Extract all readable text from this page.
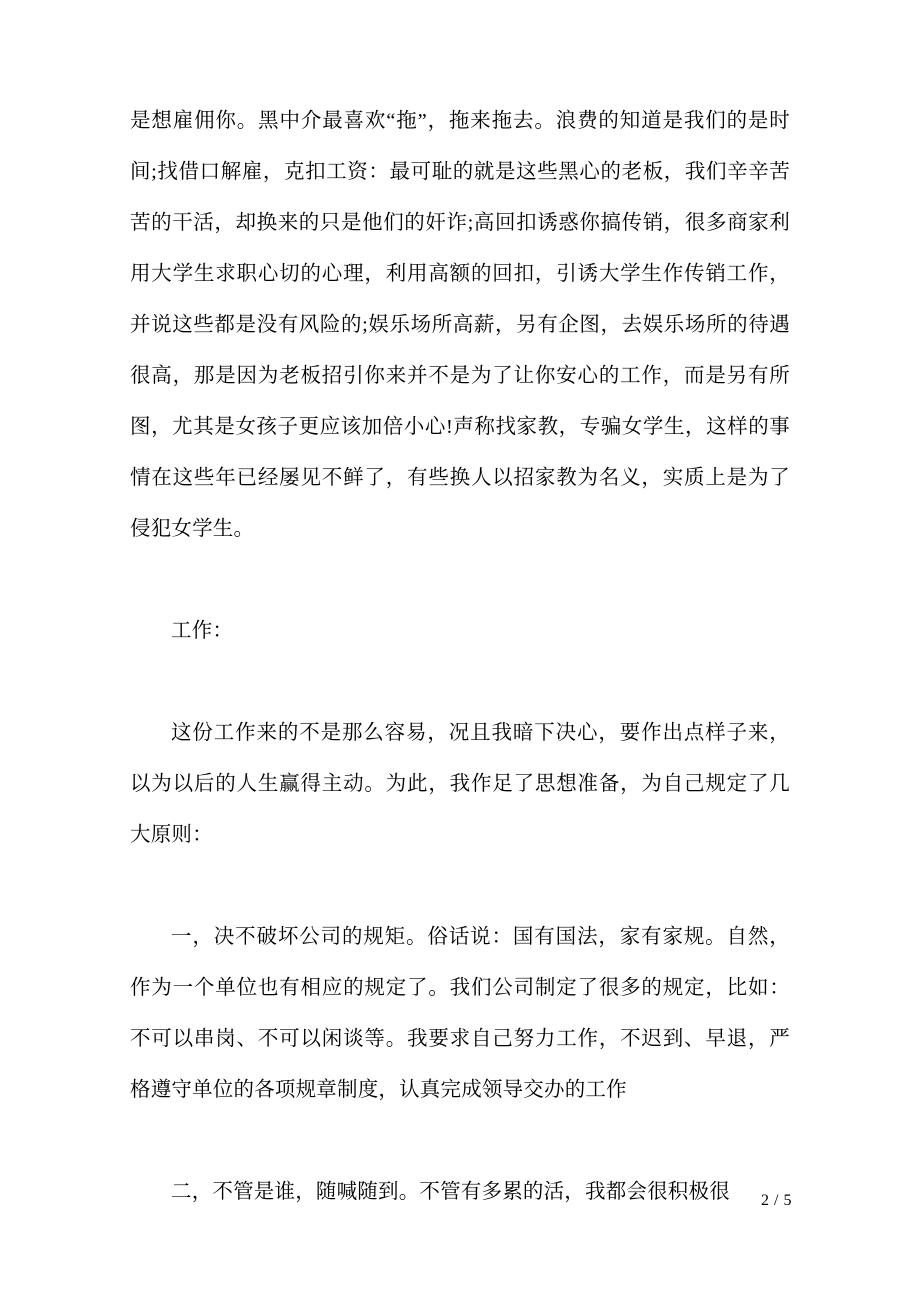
是想雇佣你。黑中介最喜欢“拖”，拖来拖去。浪费的知道是我们的是时间;找借口解雇，克扣工资：最可耻的就是这些黑心的老板，我们辛辛苦苦的干活，却换来的只是他们的奸诈;高回扣诱惑你搞传销，很多商家利用大学生求职心切的心理，利用高额的回扣，引诱大学生作传销工作，并说这些都是没有风险的;娱乐场所高薪，另有企图，去娱乐场所的待遇很高，那是因为老板招引你来并不是为了让你安心的工作，而是另有所图，尤其是女孩子更应该加倍小心!声称找家教，专骗女学生，这样的事情在这些年已经屡见不鲜了，有些换人以招家教为名义，实质上是为了侵犯女学生。

工作：

这份工作来的不是那么容易，况且我暗下决心，要作出点样子来，以为以后的人生赢得主动。为此，我作足了思想准备，为自己规定了几大原则：

一，决不破坏公司的规矩。俗话说：国有国法，家有家规。自然，作为一个单位也有相应的规定了。我们公司制定了很多的规定，比如：不可以串岗、不可以闲谈等。我要求自己努力工作，不迟到、早退，严格遵守单位的各项规章制度，认真完成领导交办的工作

二，不管是谁，随喊随到。不管有多累的活，我都会很积极很	2 / 5
